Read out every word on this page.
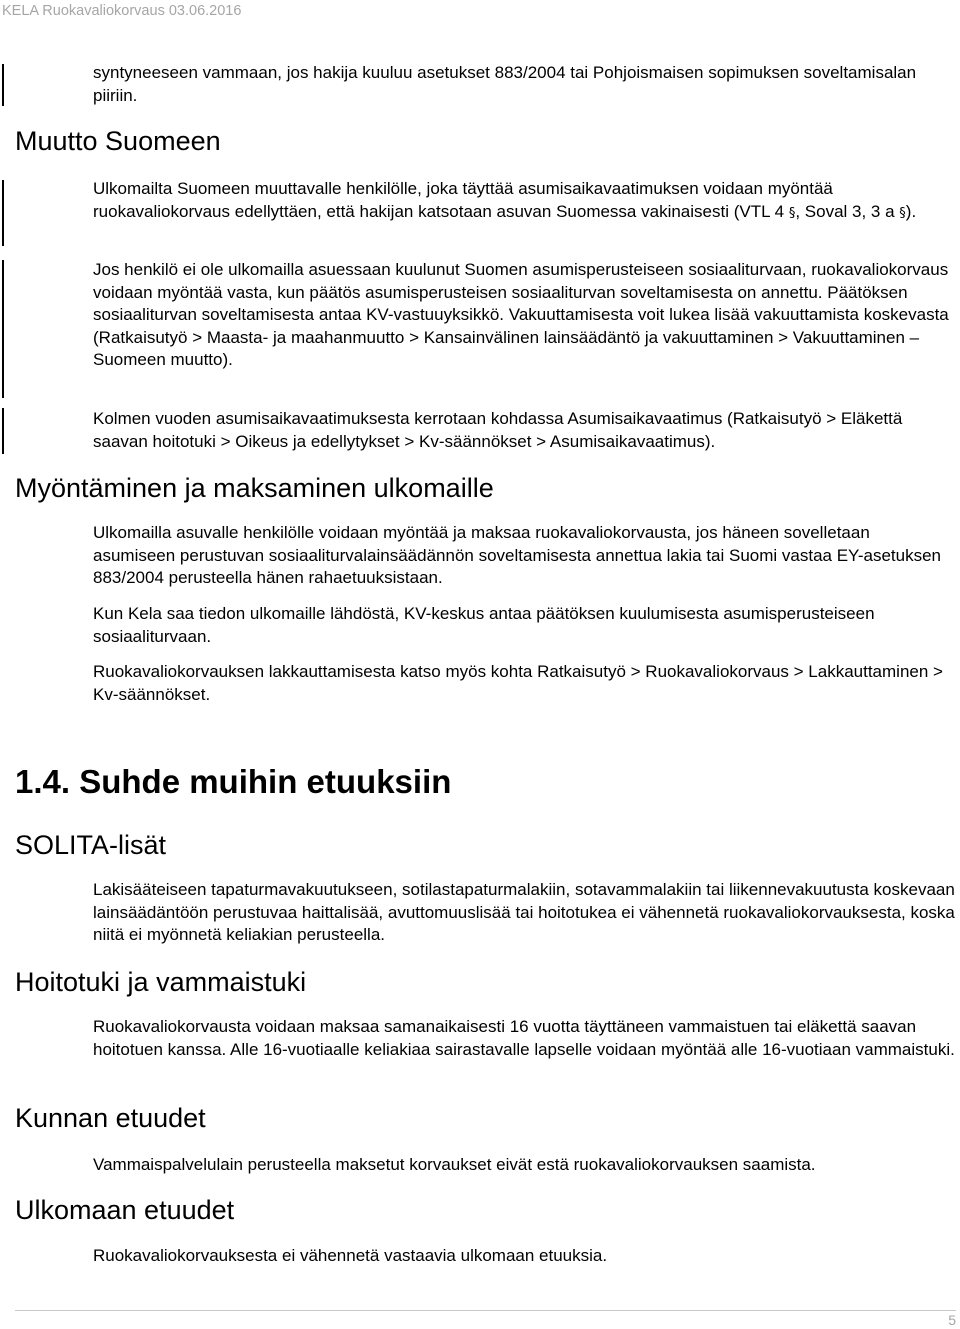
KELA Ruokavaliokorvaus 03.06.2016

syntyneeseen vammaan, jos hakija kuuluu asetukset 883/2004 tai Pohjoismaisen sopimuksen soveltamisalan piiriin.

Muutto Suomeen

Ulkomailta Suomeen muuttavalle henkilölle, joka täyttää asumisaikavaatimuksen voidaan myöntää ruokavaliokorvaus edellyttäen, että hakijan katsotaan asuvan Suomessa vakinaisesti (VTL 4 §, Soval 3, 3 a §).

Jos henkilö ei ole ulkomailla asuessaan kuulunut Suomen asumisperusteiseen sosiaaliturvaan, ruokavaliokorvaus voidaan myöntää vasta, kun päätös asumisperusteisen sosiaaliturvan soveltamisesta on annettu. Päätöksen sosiaaliturvan soveltamisesta antaa KV-vastuuyksikkö. Vakuuttamisesta voit lukea lisää vakuuttamista koskevasta (Ratkaisutyö > Maasta- ja maahanmuutto > Kansainvälinen lainsäädäntö ja vakuuttaminen > Vakuuttaminen – Suomeen muutto).

Kolmen vuoden asumisaikavaatimuksesta kerrotaan kohdassa Asumisaikavaatimus (Ratkaisutyö > Eläkettä saavan hoitotuki > Oikeus ja edellytykset > Kv-säännökset > Asumisaikavaatimus).

Myöntäminen ja maksaminen ulkomaille

Ulkomailla asuvalle henkilölle voidaan myöntää ja maksaa ruokavaliokorvausta, jos häneen sovelletaan asumiseen perustuvan sosiaaliturvalainsäädännön soveltamisesta annettua lakia tai Suomi vastaa EY-asetuksen 883/2004 perusteella hänen rahaetuuksistaan.

Kun Kela saa tiedon ulkomaille lähdöstä, KV-keskus antaa päätöksen kuulumisesta asumisperusteiseen sosiaaliturvaan.

Ruokavaliokorvauksen lakkauttamisesta katso myös kohta Ratkaisutyö > Ruokavaliokorvaus > Lakkauttaminen > Kv-säännökset.

1.4. Suhde muihin etuuksiin
SOLITA-lisät

Lakisääteiseen tapaturmavakuutukseen, sotilastapaturmalakiin, sotavammalakiin tai liikennevakuutusta koskevaan lainsäädäntöön perustuvaa haittalisää, avuttomuuslisää tai hoitotukea ei vähennetä ruokavaliokorvauksesta, koska niitä ei myönnetä keliakian perusteella.

Hoitotuki ja vammaistuki

Ruokavaliokorvausta voidaan maksaa samanaikaisesti 16 vuotta täyttäneen vammaistuen tai eläkettä saavan hoitotuen kanssa. Alle 16-vuotiaalle keliakiaa sairastavalle lapselle voidaan myöntää alle 16-vuotiaan vammaistuki.

Kunnan etuudet

Vammaispalvelulain perusteella maksetut korvaukset eivät estä ruokavaliokorvauksen saamista.

Ulkomaan etuudet

Ruokavaliokorvauksesta ei vähennetä vastaavia ulkomaan etuuksia.

5
